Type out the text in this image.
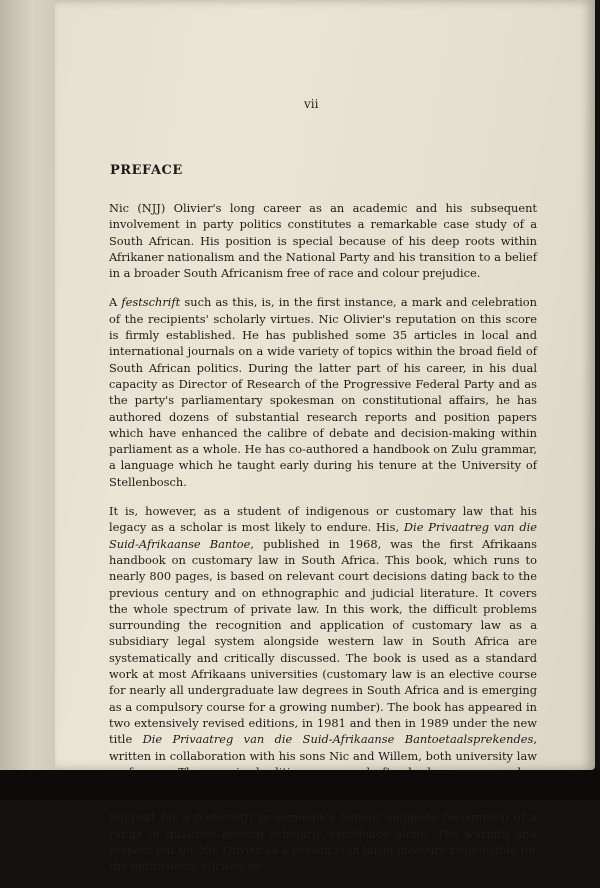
vii
PREFACE

Nic (NJJ) Olivier's long career as an academic and his subsequent involvement in party politics constitutes a remarkable case study of a South African. His position is special because of his deep roots within Afrikaner nationalism and the National Party and his transition to a belief in a broader South Africanism free of race and colour prejudice.

A festschrift such as this, is, in the first instance, a mark and celebration of the recipients' scholarly virtues. Nic Olivier's reputation on this score is firmly established. He has published some 35 articles in local and international journals on a wide variety of topics within the broad field of South African politics. During the latter part of his career, in his dual capacity as Director of Research of the Progressive Federal Party and as the party's parliamentary spokesman on constitutional affairs, he has authored dozens of substantial research reports and position papers which have enhanced the calibre of debate and decision-making within parliament as a whole. He has co-authored a handbook on Zulu grammar, a language which he taught early during his tenure at the University of Stellenbosch.

It is, however, as a student of indigenous or customary law that his legacy as a scholar is most likely to endure. His, Die Privaatreg van die Suid-Afrikaanse Bantoe, published in 1968, was the first Afrikaans handbook on customary law in South Africa. This book, which runs to nearly 800 pages, is based on relevant court decisions dating back to the previous century and on ethnographic and judicial literature. It covers the whole spectrum of private law. In this work, the difficult problems surrounding the recognition and application of customary law as a subsidiary legal system alongside western law in South Africa are systematically and critically discussed. The book is used as a standard work at most Afrikaans universities (customary law is an elective course for nearly all undergraduate law degrees in South Africa and is emerging as a compulsory course for a growing number). The book has appeared in two extensively revised editions, in 1981 and then in 1989 under the new title Die Privaatreg van die Suid-Afrikaanse Bantoetaalsprekendes, written in collaboration with his sons Nic and Willem, both university law

Support for a festschrift in someone's honour suggests recognition of a range of qualities beyond scholarly excellence alone. The warmth and respect felt for Nic Olivier as a person is in large measure responsible for the enthusiasm elicited by
